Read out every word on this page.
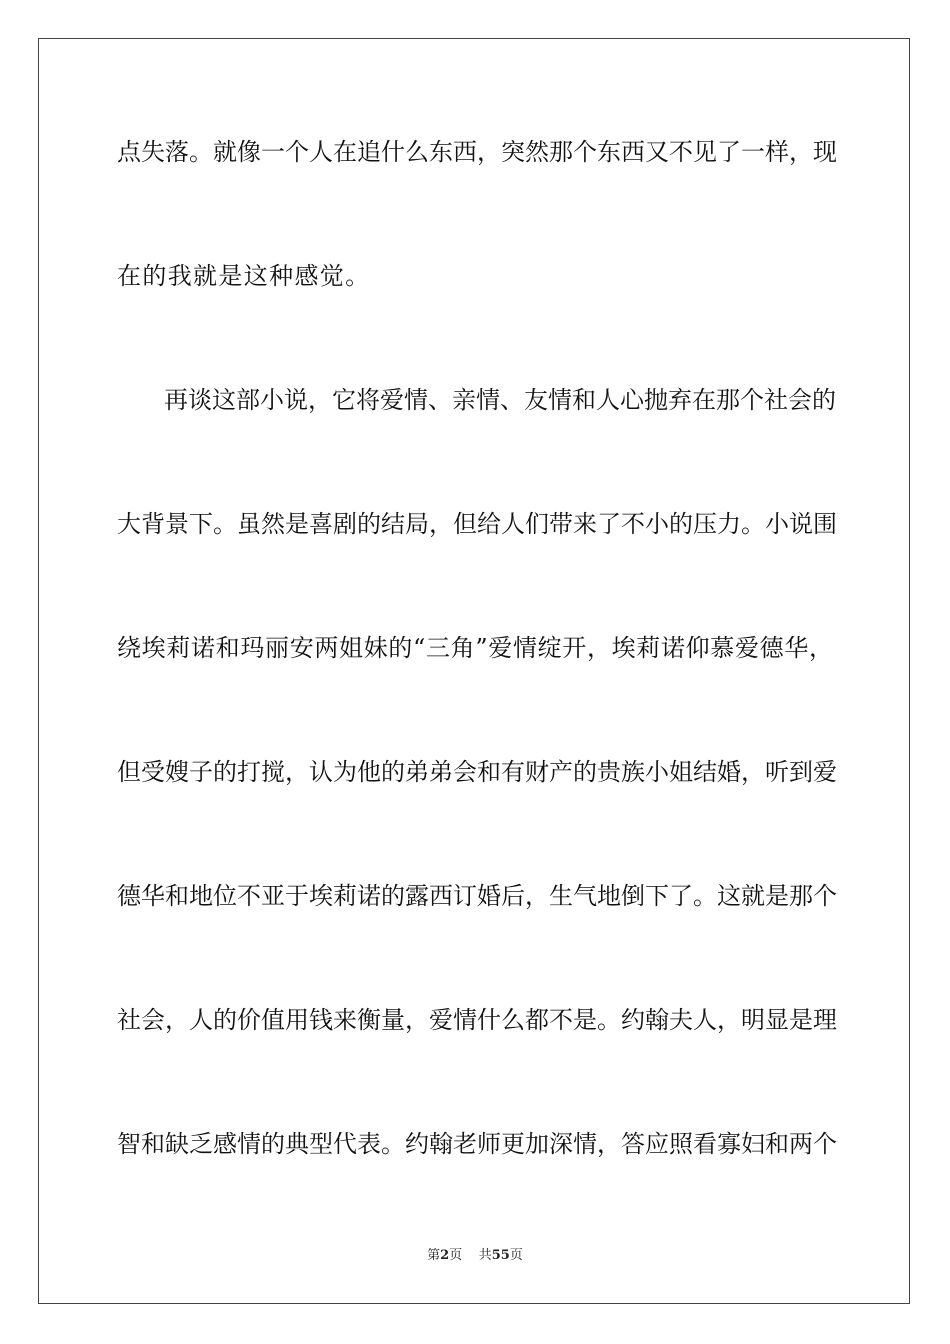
点失落。就像一个人在追什么东西，突然那个东西又不见了一样，现
在的我就是这种感觉。
再谈这部小说，它将爱情、亲情、友情和人心抛弃在那个社会的
大背景下。虽然是喜剧的结局，但给人们带来了不小的压力。小说围
绕埃莉诺和玛丽安两姐妹的“三角”爱情绽开，埃莉诺仰慕爱德华，
但受嫂子的打搅，认为他的弟弟会和有财产的贵族小姐结婚，听到爱
德华和地位不亚于埃莉诺的露西订婚后，生气地倒下了。这就是那个
社会，人的价值用钱来衡量，爱情什么都不是。约翰夫人，明显是理
智和缺乏感情的典型代表。约翰老师更加深情，答应照看寡妇和两个
第2页 共55页
